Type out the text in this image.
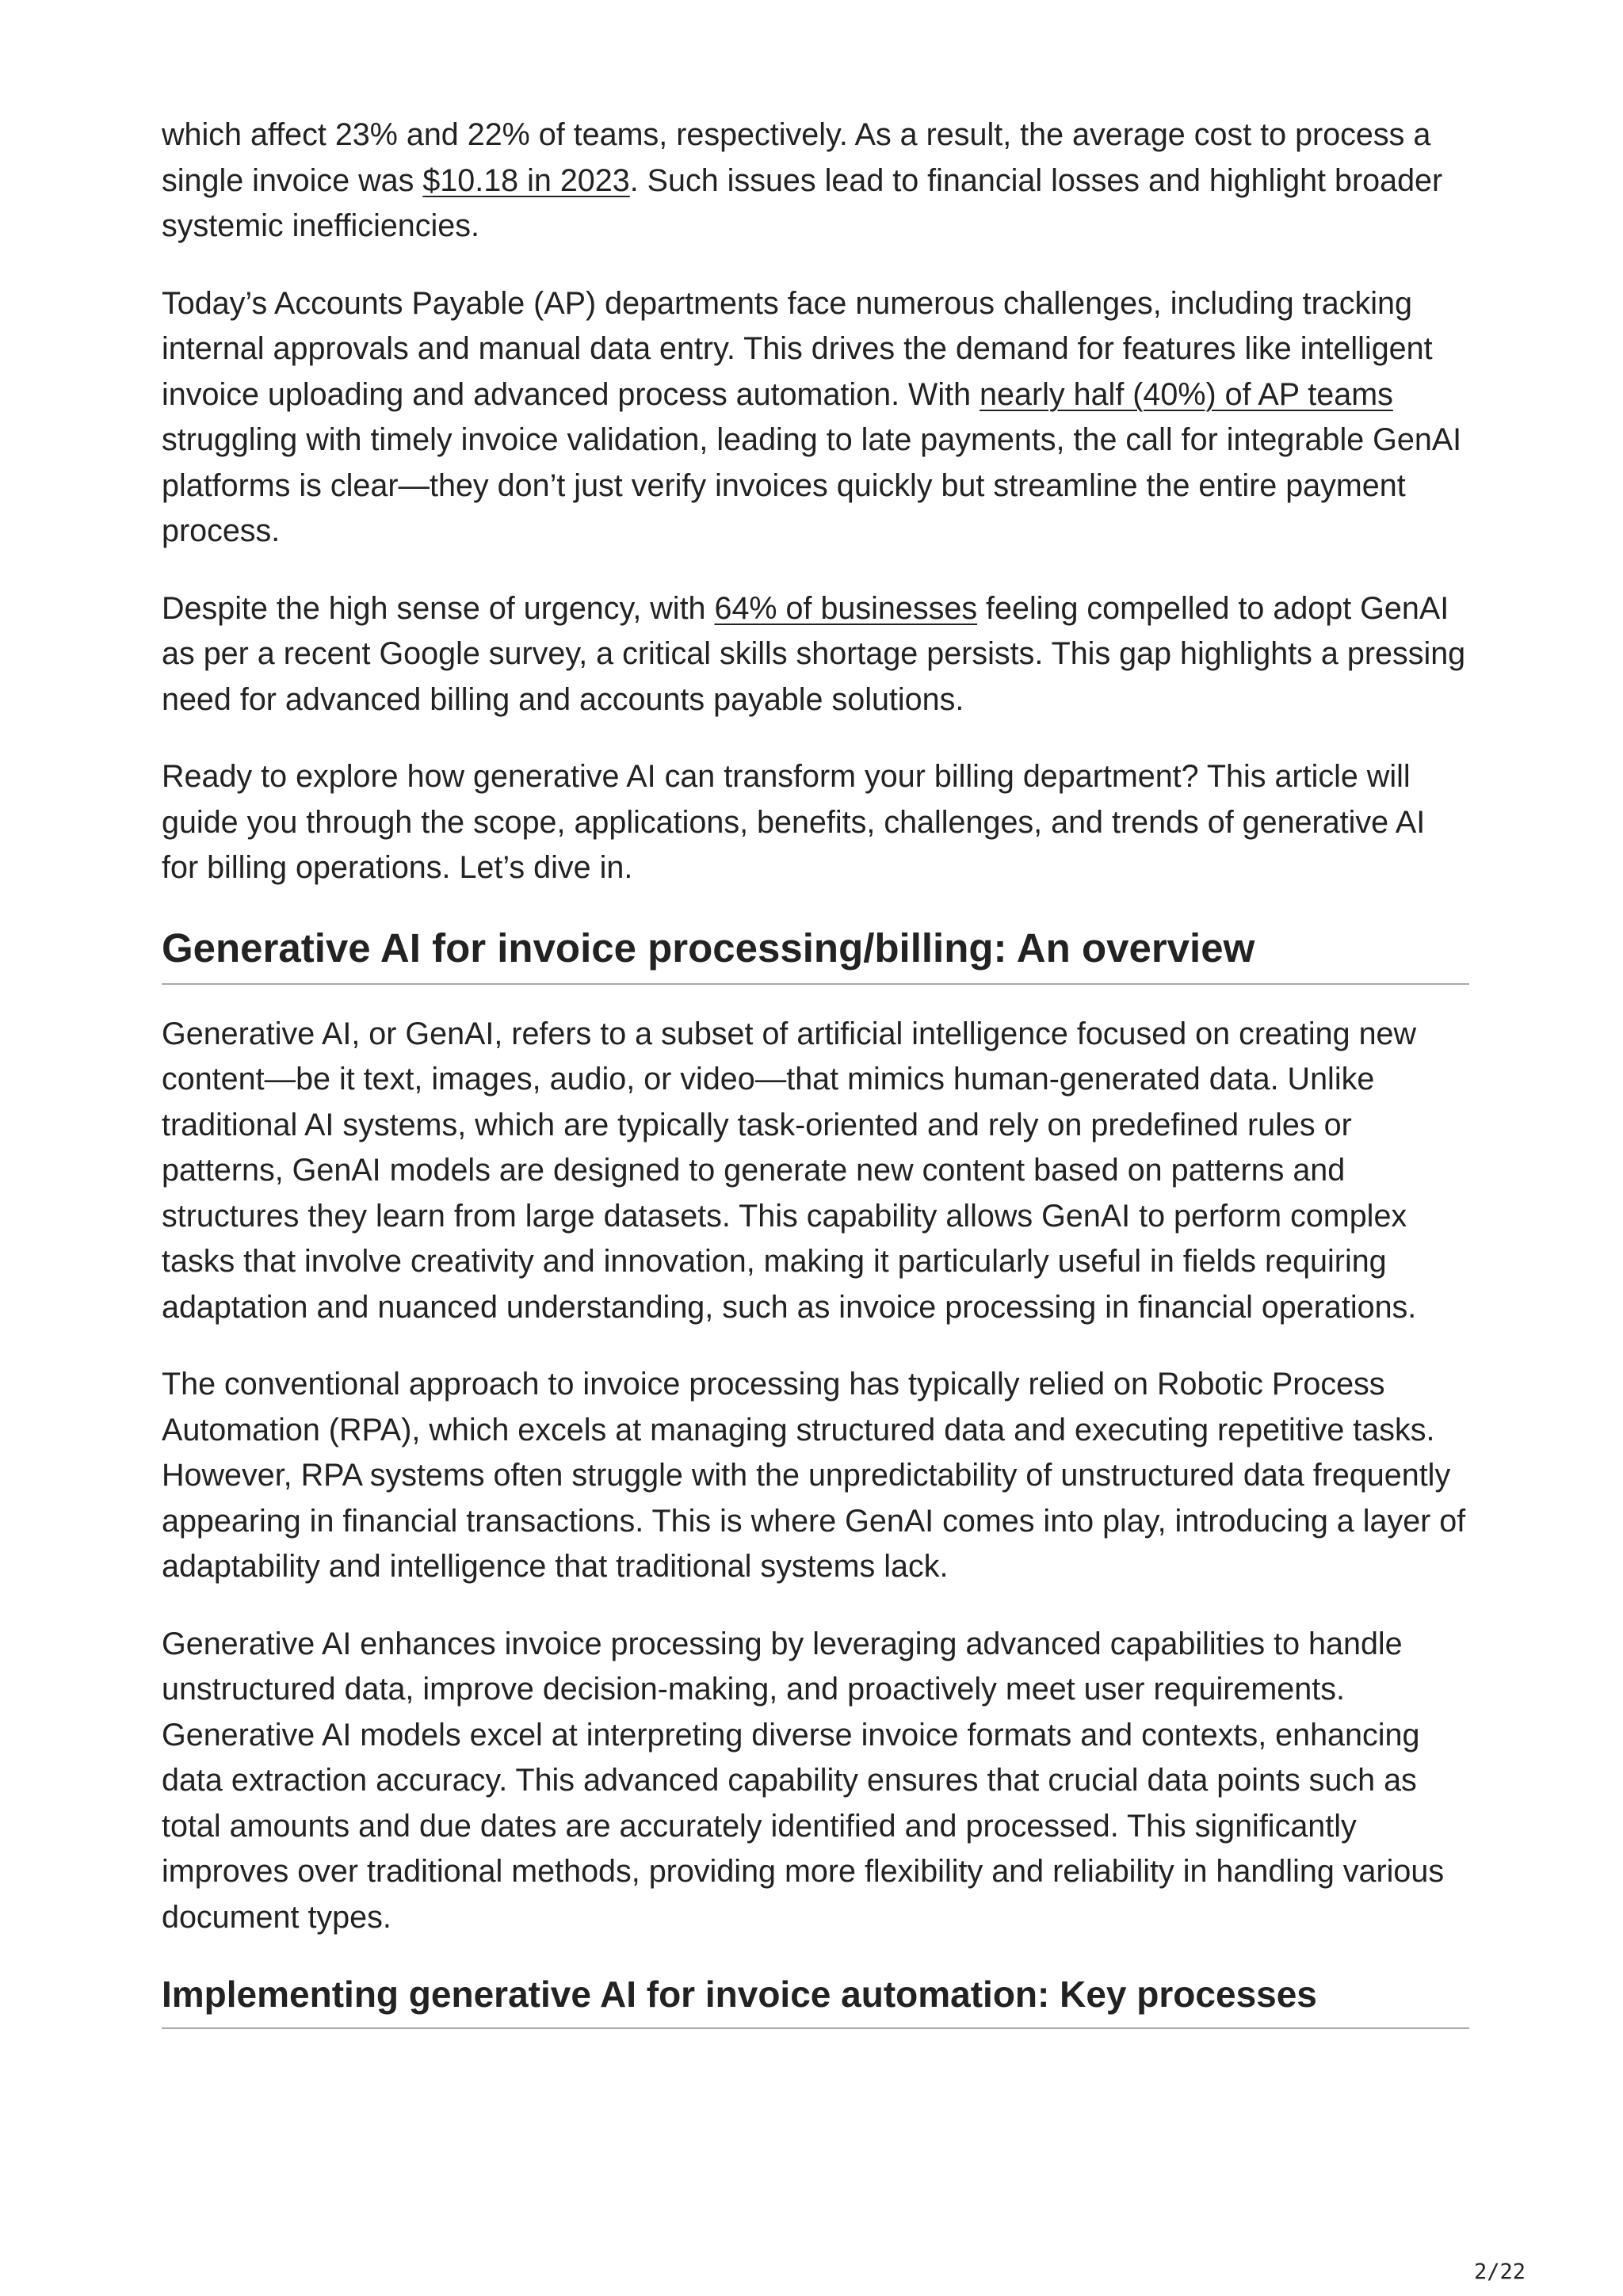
which affect 23% and 22% of teams, respectively. As a result, the average cost to process a single invoice was $10.18 in 2023. Such issues lead to financial losses and highlight broader systemic inefficiencies.

Today’s Accounts Payable (AP) departments face numerous challenges, including tracking internal approvals and manual data entry. This drives the demand for features like intelligent invoice uploading and advanced process automation. With nearly half (40%) of AP teams struggling with timely invoice validation, leading to late payments, the call for integrable GenAI platforms is clear—they don’t just verify invoices quickly but streamline the entire payment process.

Despite the high sense of urgency, with 64% of businesses feeling compelled to adopt GenAI as per a recent Google survey, a critical skills shortage persists. This gap highlights a pressing need for advanced billing and accounts payable solutions.

Ready to explore how generative AI can transform your billing department? This article will guide you through the scope, applications, benefits, challenges, and trends of generative AI for billing operations. Let’s dive in.

Generative AI for invoice processing/billing: An overview

Generative AI, or GenAI, refers to a subset of artificial intelligence focused on creating new content—be it text, images, audio, or video—that mimics human-generated data. Unlike traditional AI systems, which are typically task-oriented and rely on predefined rules or patterns, GenAI models are designed to generate new content based on patterns and structures they learn from large datasets. This capability allows GenAI to perform complex tasks that involve creativity and innovation, making it particularly useful in fields requiring adaptation and nuanced understanding, such as invoice processing in financial operations.

The conventional approach to invoice processing has typically relied on Robotic Process Automation (RPA), which excels at managing structured data and executing repetitive tasks. However, RPA systems often struggle with the unpredictability of unstructured data frequently appearing in financial transactions. This is where GenAI comes into play, introducing a layer of adaptability and intelligence that traditional systems lack.

Generative AI enhances invoice processing by leveraging advanced capabilities to handle unstructured data, improve decision-making, and proactively meet user requirements. Generative AI models excel at interpreting diverse invoice formats and contexts, enhancing data extraction accuracy. This advanced capability ensures that crucial data points such as total amounts and due dates are accurately identified and processed. This significantly improves over traditional methods, providing more flexibility and reliability in handling various document types.

Implementing generative AI for invoice automation: Key processes
2/22
